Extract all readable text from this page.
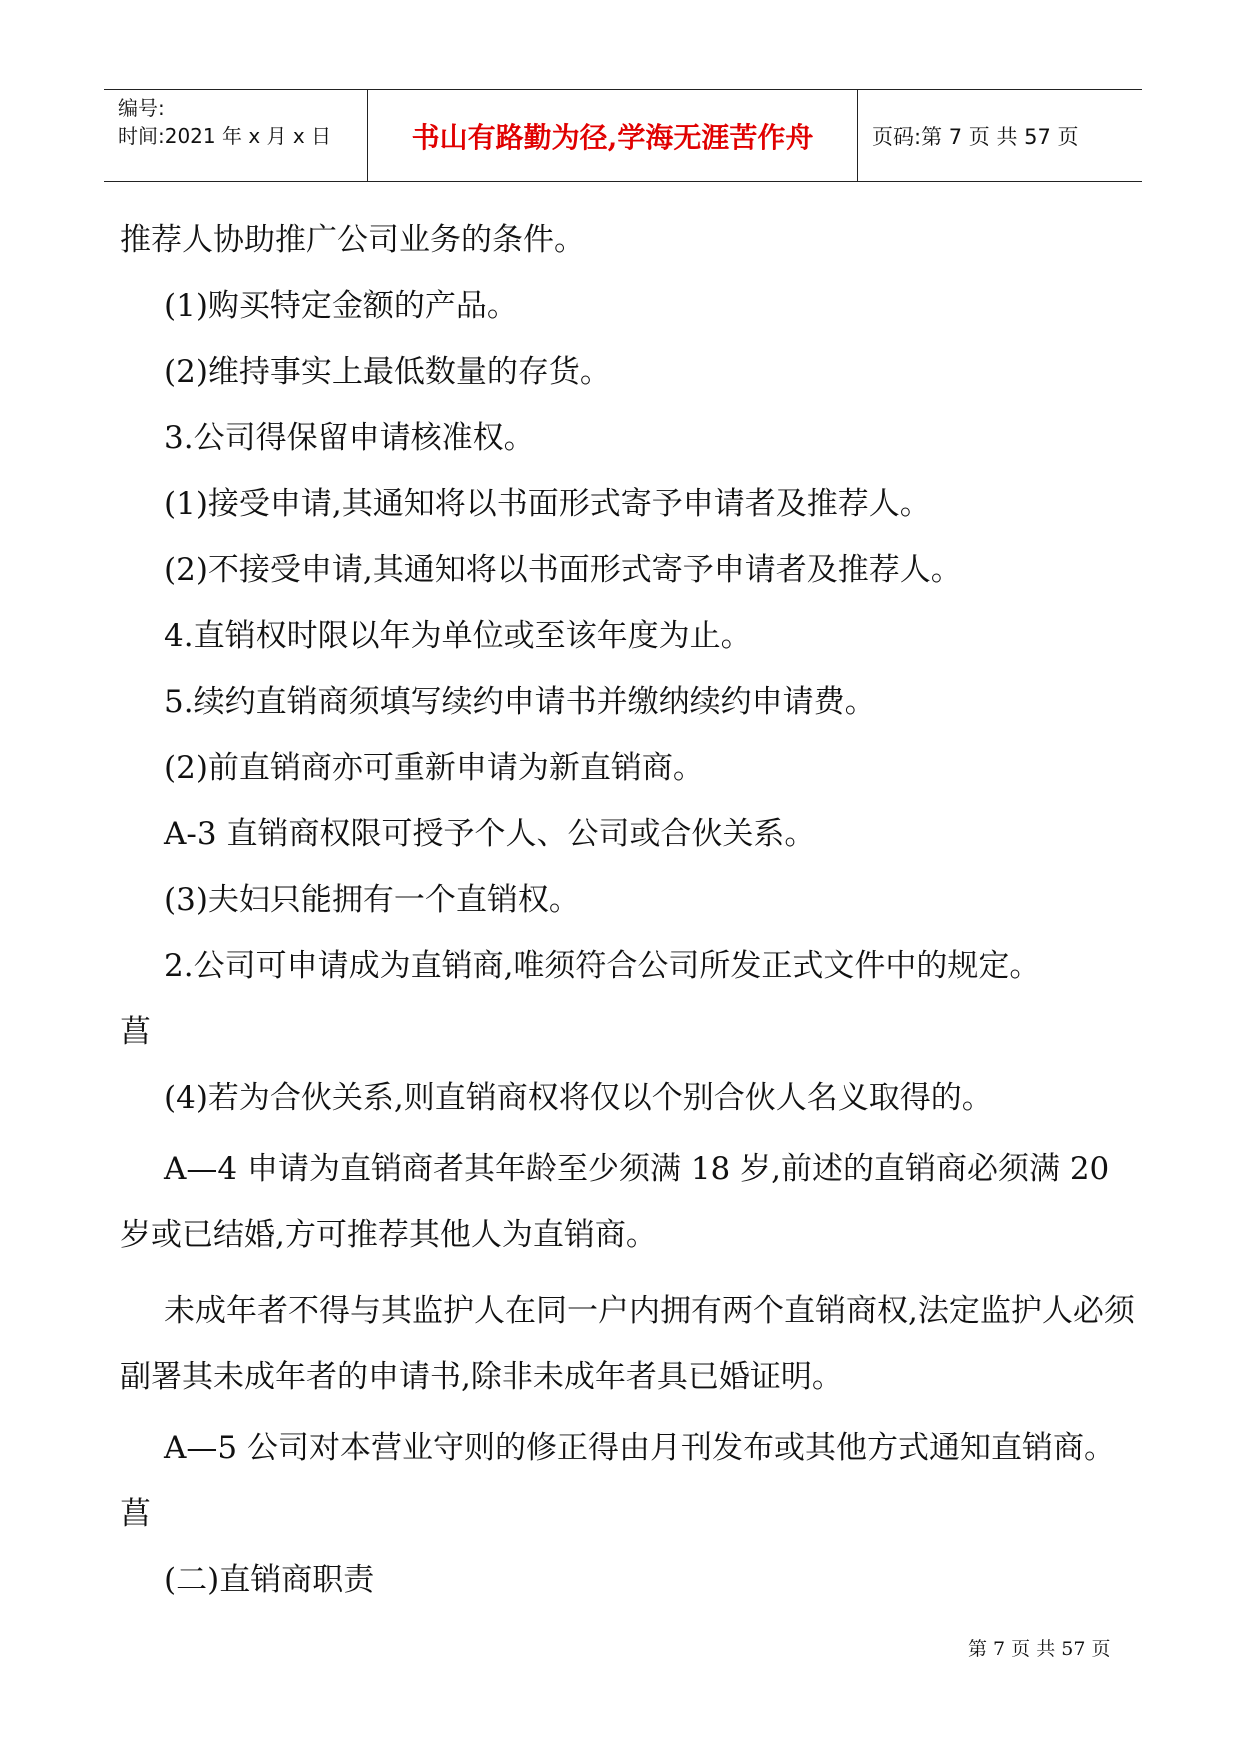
编号:
时间:2021 年 x 月 x 日	书山有路勤为径,学海无涯苦作舟	页码:第 7 页 共 57 页

推荐人协助推广公司业务的条件。

(1)购买特定金额的产品。

(2)维持事实上最低数量的存货。

3.公司得保留申请核准权。

(1)接受申请,其通知将以书面形式寄予申请者及推荐人。

(2)不接受申请,其通知将以书面形式寄予申请者及推荐人。

4.直销权时限以年为单位或至该年度为止。

5.续约直销商须填写续约申请书并缴纳续约申请费。

(2)前直销商亦可重新申请为新直销商。

A-3 直销商权限可授予个人、公司或合伙关系。

(3)夫妇只能拥有一个直销权。

2.公司可申请成为直销商,唯须符合公司所发正式文件中的规定。

菖

(4)若为合伙关系,则直销商权将仅以个别合伙人名义取得的。

A—4 申请为直销商者其年龄至少须满 18 岁,前述的直销商必须满 20 岁或已结婚,方可推荐其他人为直销商。

未成年者不得与其监护人在同一户内拥有两个直销商权,法定监护人必须副署其未成年者的申请书,除非未成年者具已婚证明。

A—5 公司对本营业守则的修正得由月刊发布或其他方式通知直销商。

菖

(二)直销商职责

第 7 页 共 57 页
